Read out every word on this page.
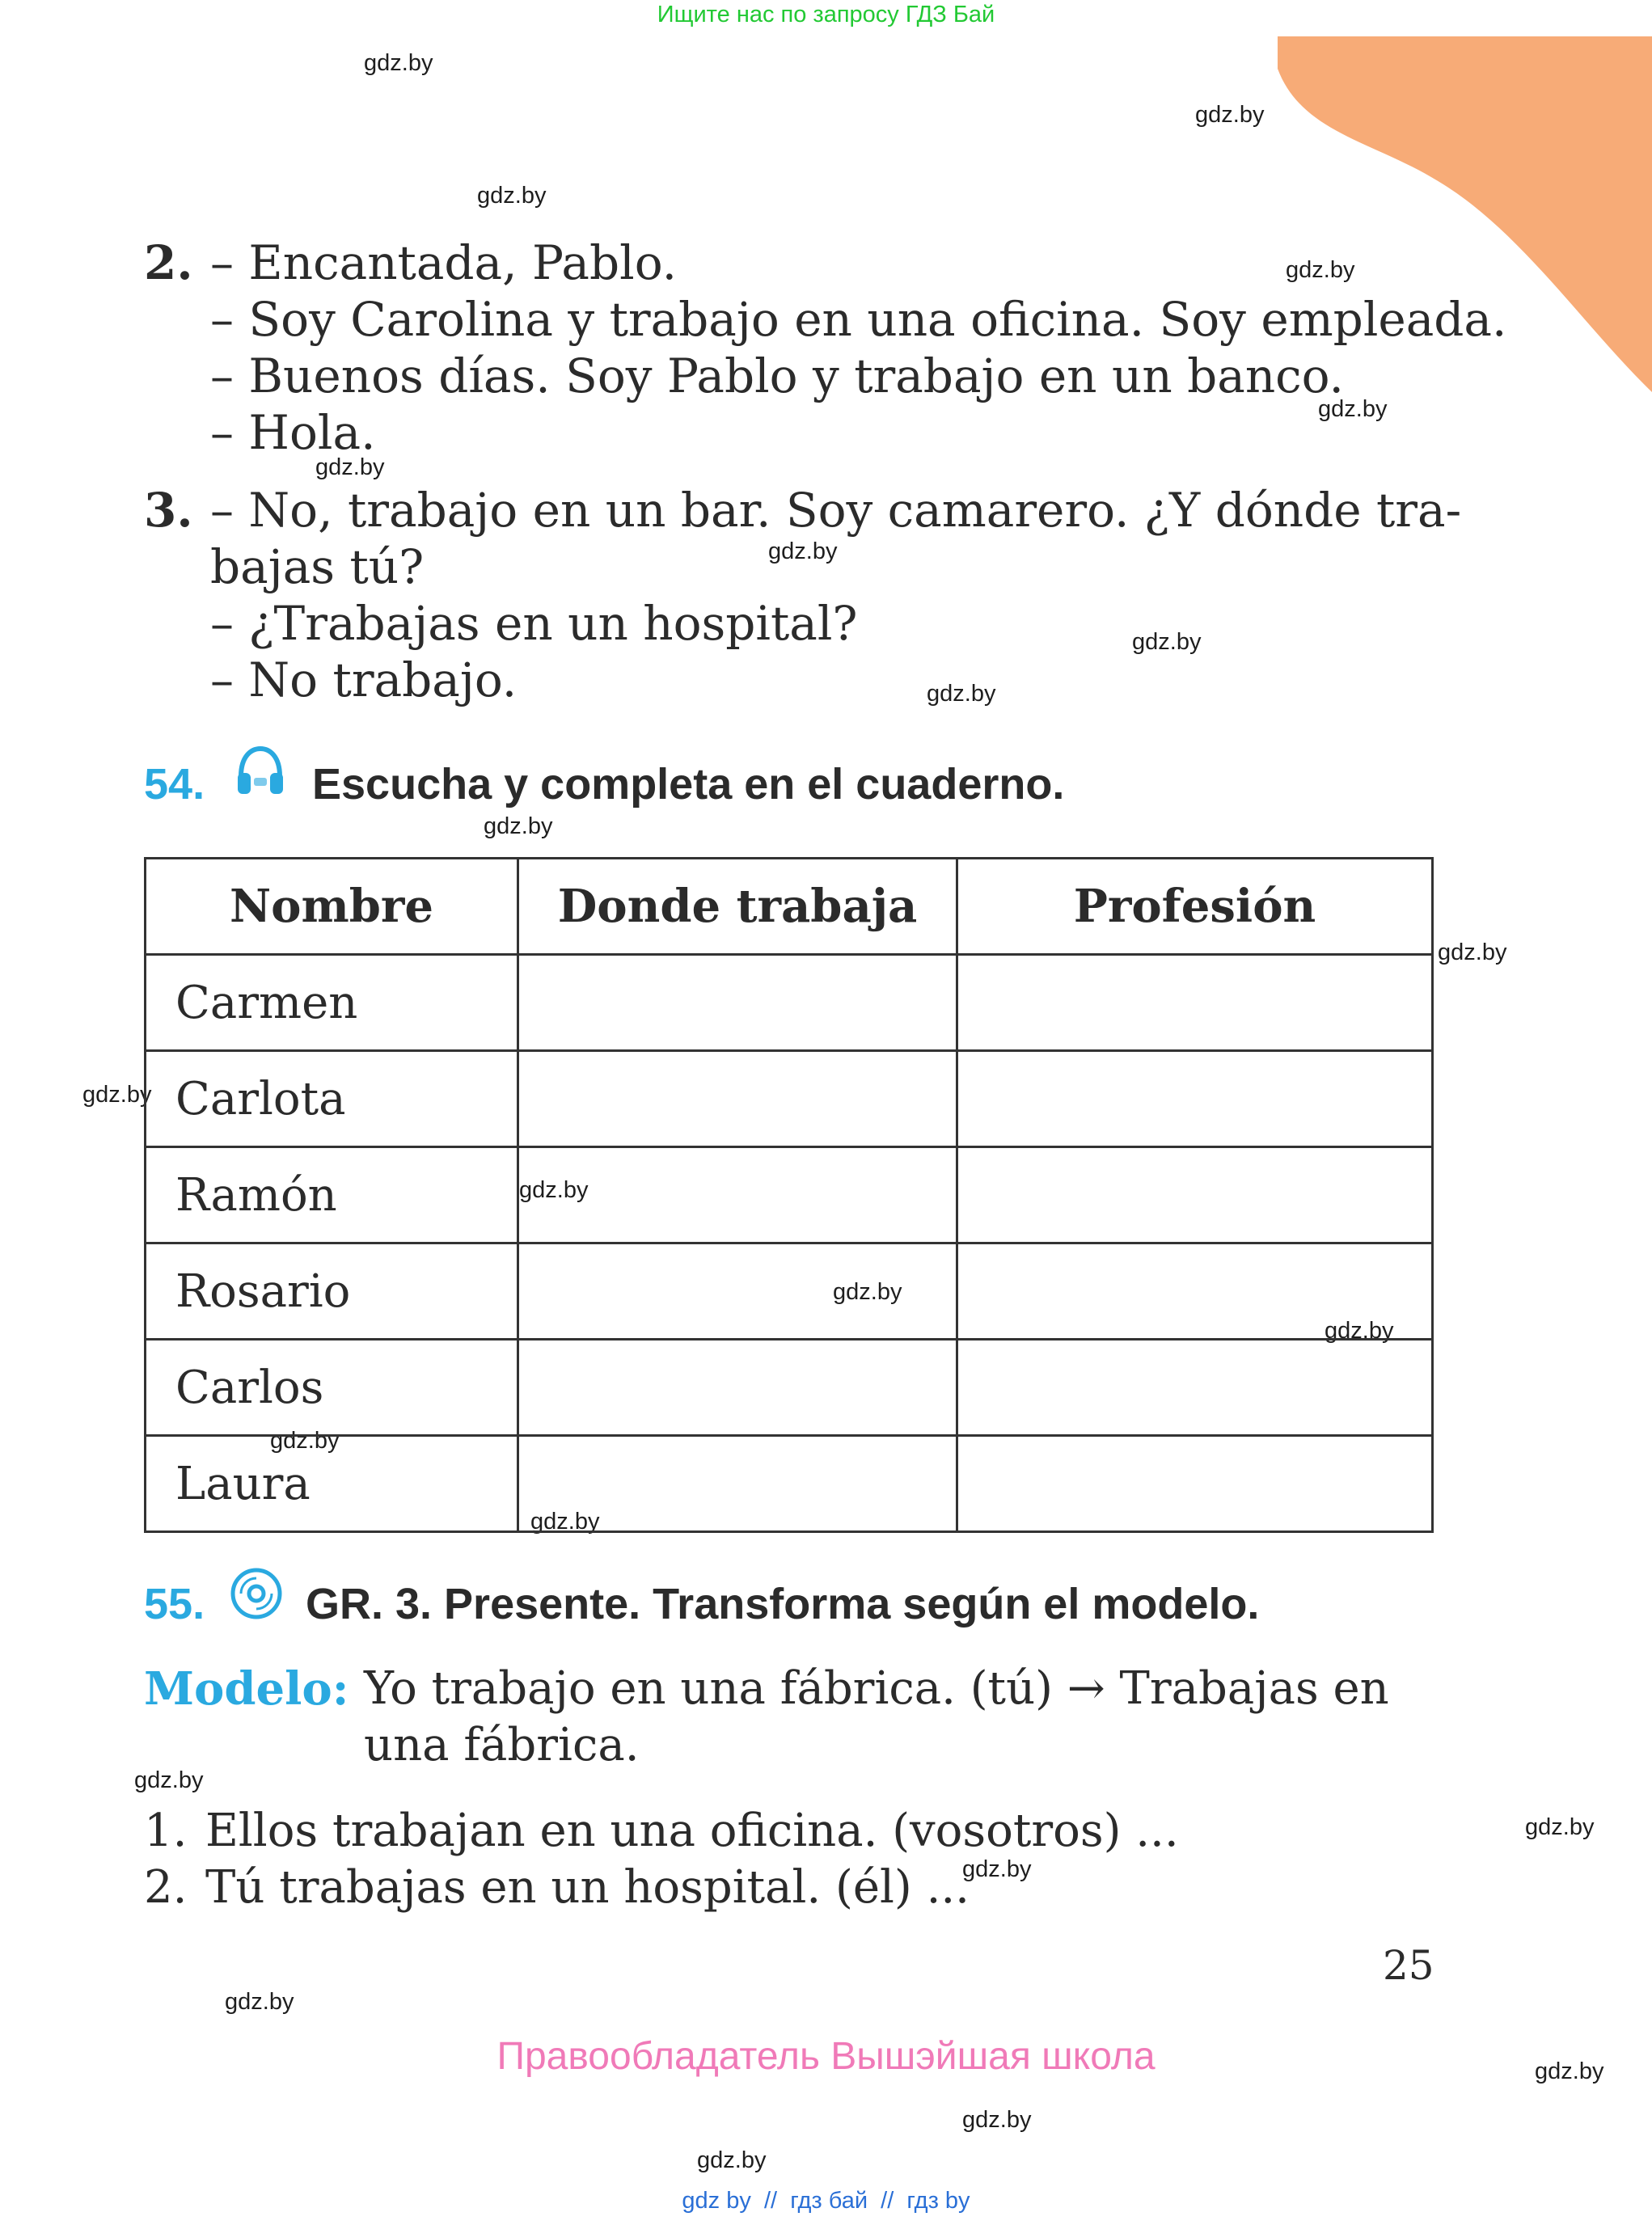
Ищите нас по запросу ГДЗ Бай
gdz.by
gdz.by
gdz.by
gdz.by
gdz.by
gdz.by
gdz.by
gdz.by
gdz.by
gdz.by
gdz.by
gdz.by
gdz.by
gdz.by
gdz.by
gdz.by
gdz.by
gdz.by
gdz.by
gdz.by
gdz.by
gdz.by
gdz.by
gdz.by
2. – Encantada, Pablo.
– Soy Carolina y trabajo en una oficina. Soy empleada.
– Buenos días. Soy Pablo y trabajo en un banco.
– Hola.
3. – No, trabajo en un bar. Soy camarero. ¿Y dónde tra-
bajas tú?
– ¿Trabajas en un hospital?
– No trabajo.
54. Escucha y completa en el cuaderno.
Nombre	Donde trabaja	Profesión
Carmen		
Carlota		
Ramón		
Rosario		
Carlos		
Laura		
55. GR. 3. Presente. Transforma según el modelo.
Modelo: Yo trabajo en una fábrica. (tú) → Trabajas en
una fábrica.
1. Ellos trabajan en una oficina. (vosotros) ...
2. Tú trabajas en un hospital. (él) ...
25
Правообладатель Вышэйшая школа
gdz by  //  гдз бай  //  гдз by
